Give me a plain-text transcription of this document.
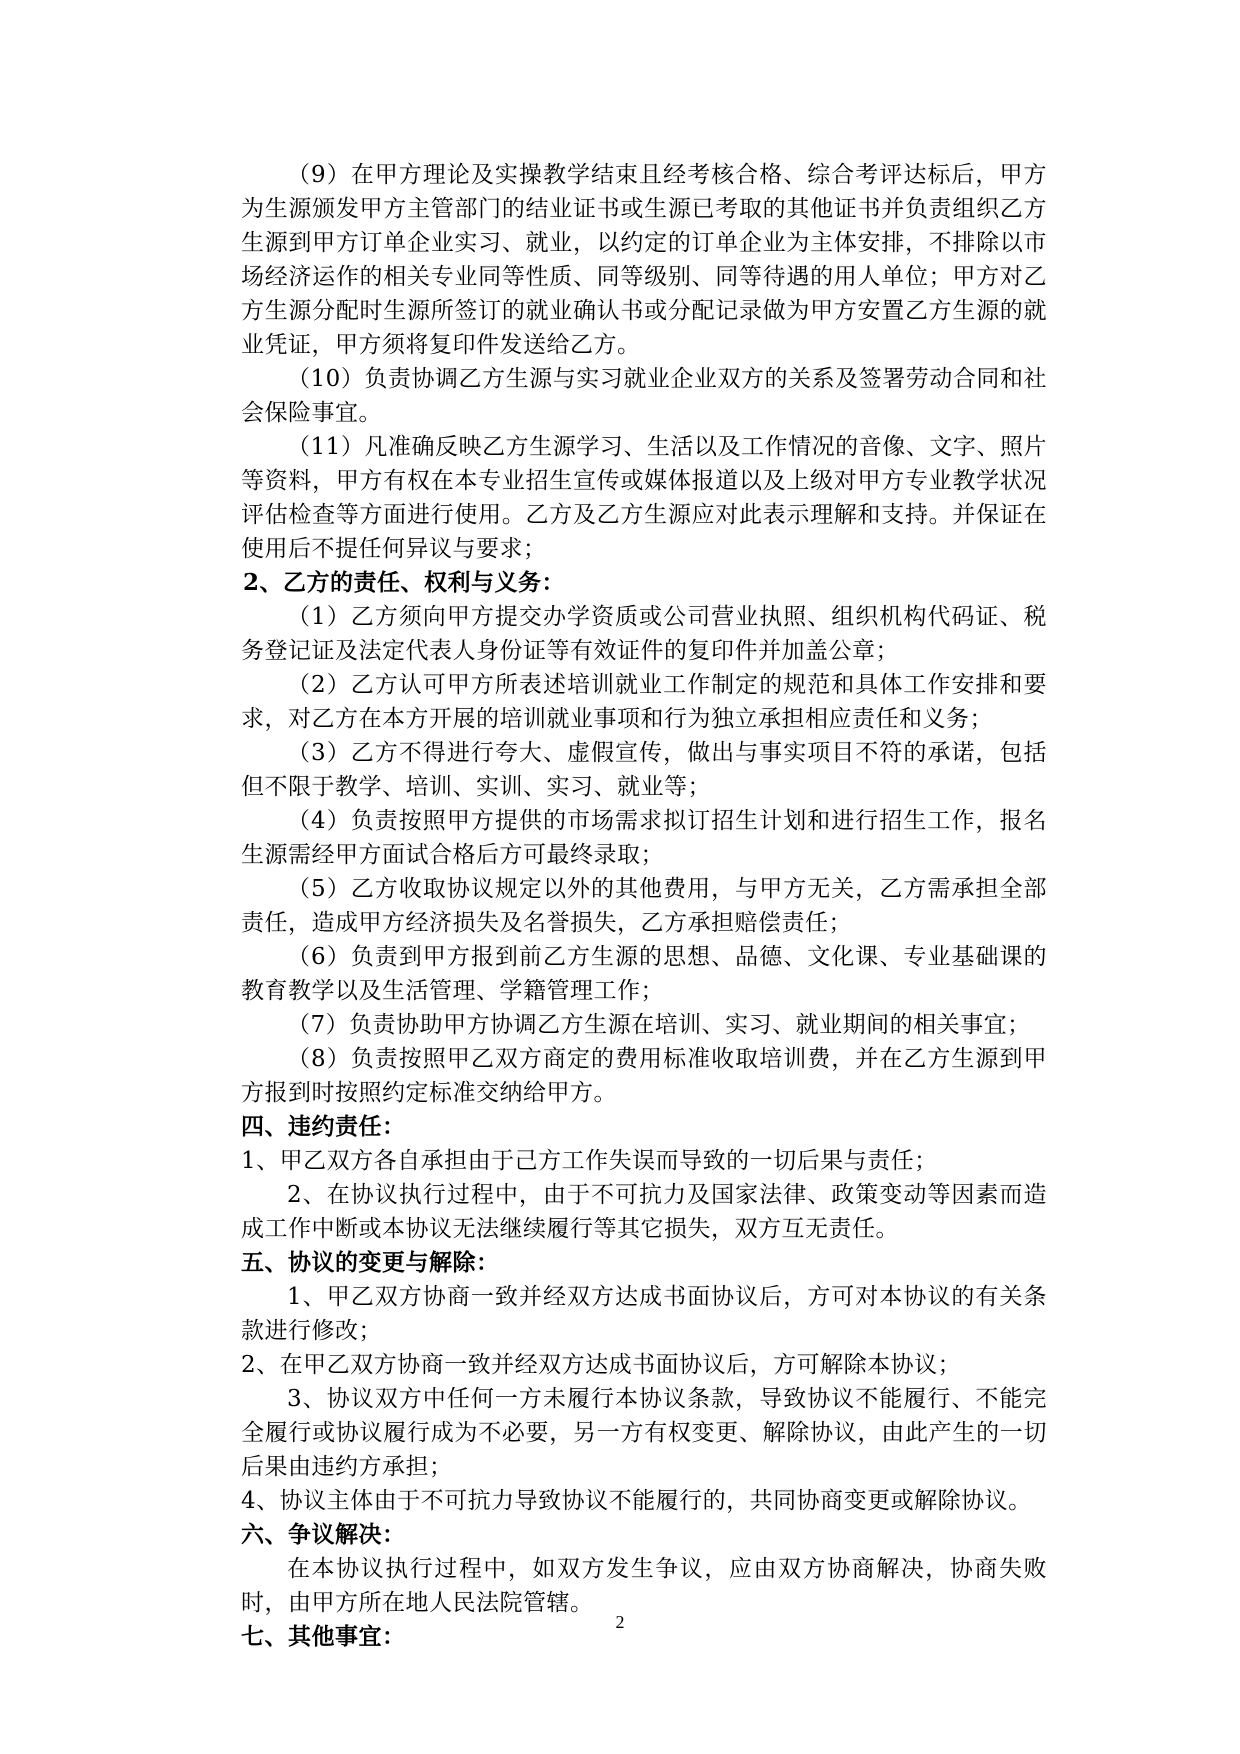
（9）在甲方理论及实操教学结束且经考核合格、综合考评达标后，甲方为生源颁发甲方主管部门的结业证书或生源已考取的其他证书并负责组织乙方生源到甲方订单企业实习、就业，以约定的订单企业为主体安排，不排除以市场经济运作的相关专业同等性质、同等级别、同等待遇的用人单位；甲方对乙方生源分配时生源所签订的就业确认书或分配记录做为甲方安置乙方生源的就业凭证，甲方须将复印件发送给乙方。

（10）负责协调乙方生源与实习就业企业双方的关系及签署劳动合同和社会保险事宜。

（11）凡准确反映乙方生源学习、生活以及工作情况的音像、文字、照片等资料，甲方有权在本专业招生宣传或媒体报道以及上级对甲方专业教学状况评估检查等方面进行使用。乙方及乙方生源应对此表示理解和支持。并保证在使用后不提任何异议与要求；

2、乙方的责任、权利与义务：

（1）乙方须向甲方提交办学资质或公司营业执照、组织机构代码证、税务登记证及法定代表人身份证等有效证件的复印件并加盖公章；

（2）乙方认可甲方所表述培训就业工作制定的规范和具体工作安排和要求，对乙方在本方开展的培训就业事项和行为独立承担相应责任和义务；

（3）乙方不得进行夸大、虚假宣传，做出与事实项目不符的承诺，包括但不限于教学、培训、实训、实习、就业等；

（4）负责按照甲方提供的市场需求拟订招生计划和进行招生工作，报名生源需经甲方面试合格后方可最终录取；

（5）乙方收取协议规定以外的其他费用，与甲方无关，乙方需承担全部责任，造成甲方经济损失及名誉损失，乙方承担赔偿责任；

（6）负责到甲方报到前乙方生源的思想、品德、文化课、专业基础课的教育教学以及生活管理、学籍管理工作；

（7）负责协助甲方协调乙方生源在培训、实习、就业期间的相关事宜；

（8）负责按照甲乙双方商定的费用标准收取培训费，并在乙方生源到甲方报到时按照约定标准交纳给甲方。

四、违约责任：

1、甲乙双方各自承担由于己方工作失误而导致的一切后果与责任；

2、在协议执行过程中，由于不可抗力及国家法律、政策变动等因素而造成工作中断或本协议无法继续履行等其它损失，双方互无责任。

五、协议的变更与解除：

1、甲乙双方协商一致并经双方达成书面协议后，方可对本协议的有关条款进行修改；

2、在甲乙双方协商一致并经双方达成书面协议后，方可解除本协议；

3、协议双方中任何一方未履行本协议条款，导致协议不能履行、不能完全履行或协议履行成为不必要，另一方有权变更、解除协议，由此产生的一切后果由违约方承担；

4、协议主体由于不可抗力导致协议不能履行的，共同协商变更或解除协议。

六、争议解决：

在本协议执行过程中，如双方发生争议，应由双方协商解决，协商失败时，由甲方所在地人民法院管辖。

七、其他事宜：

2
